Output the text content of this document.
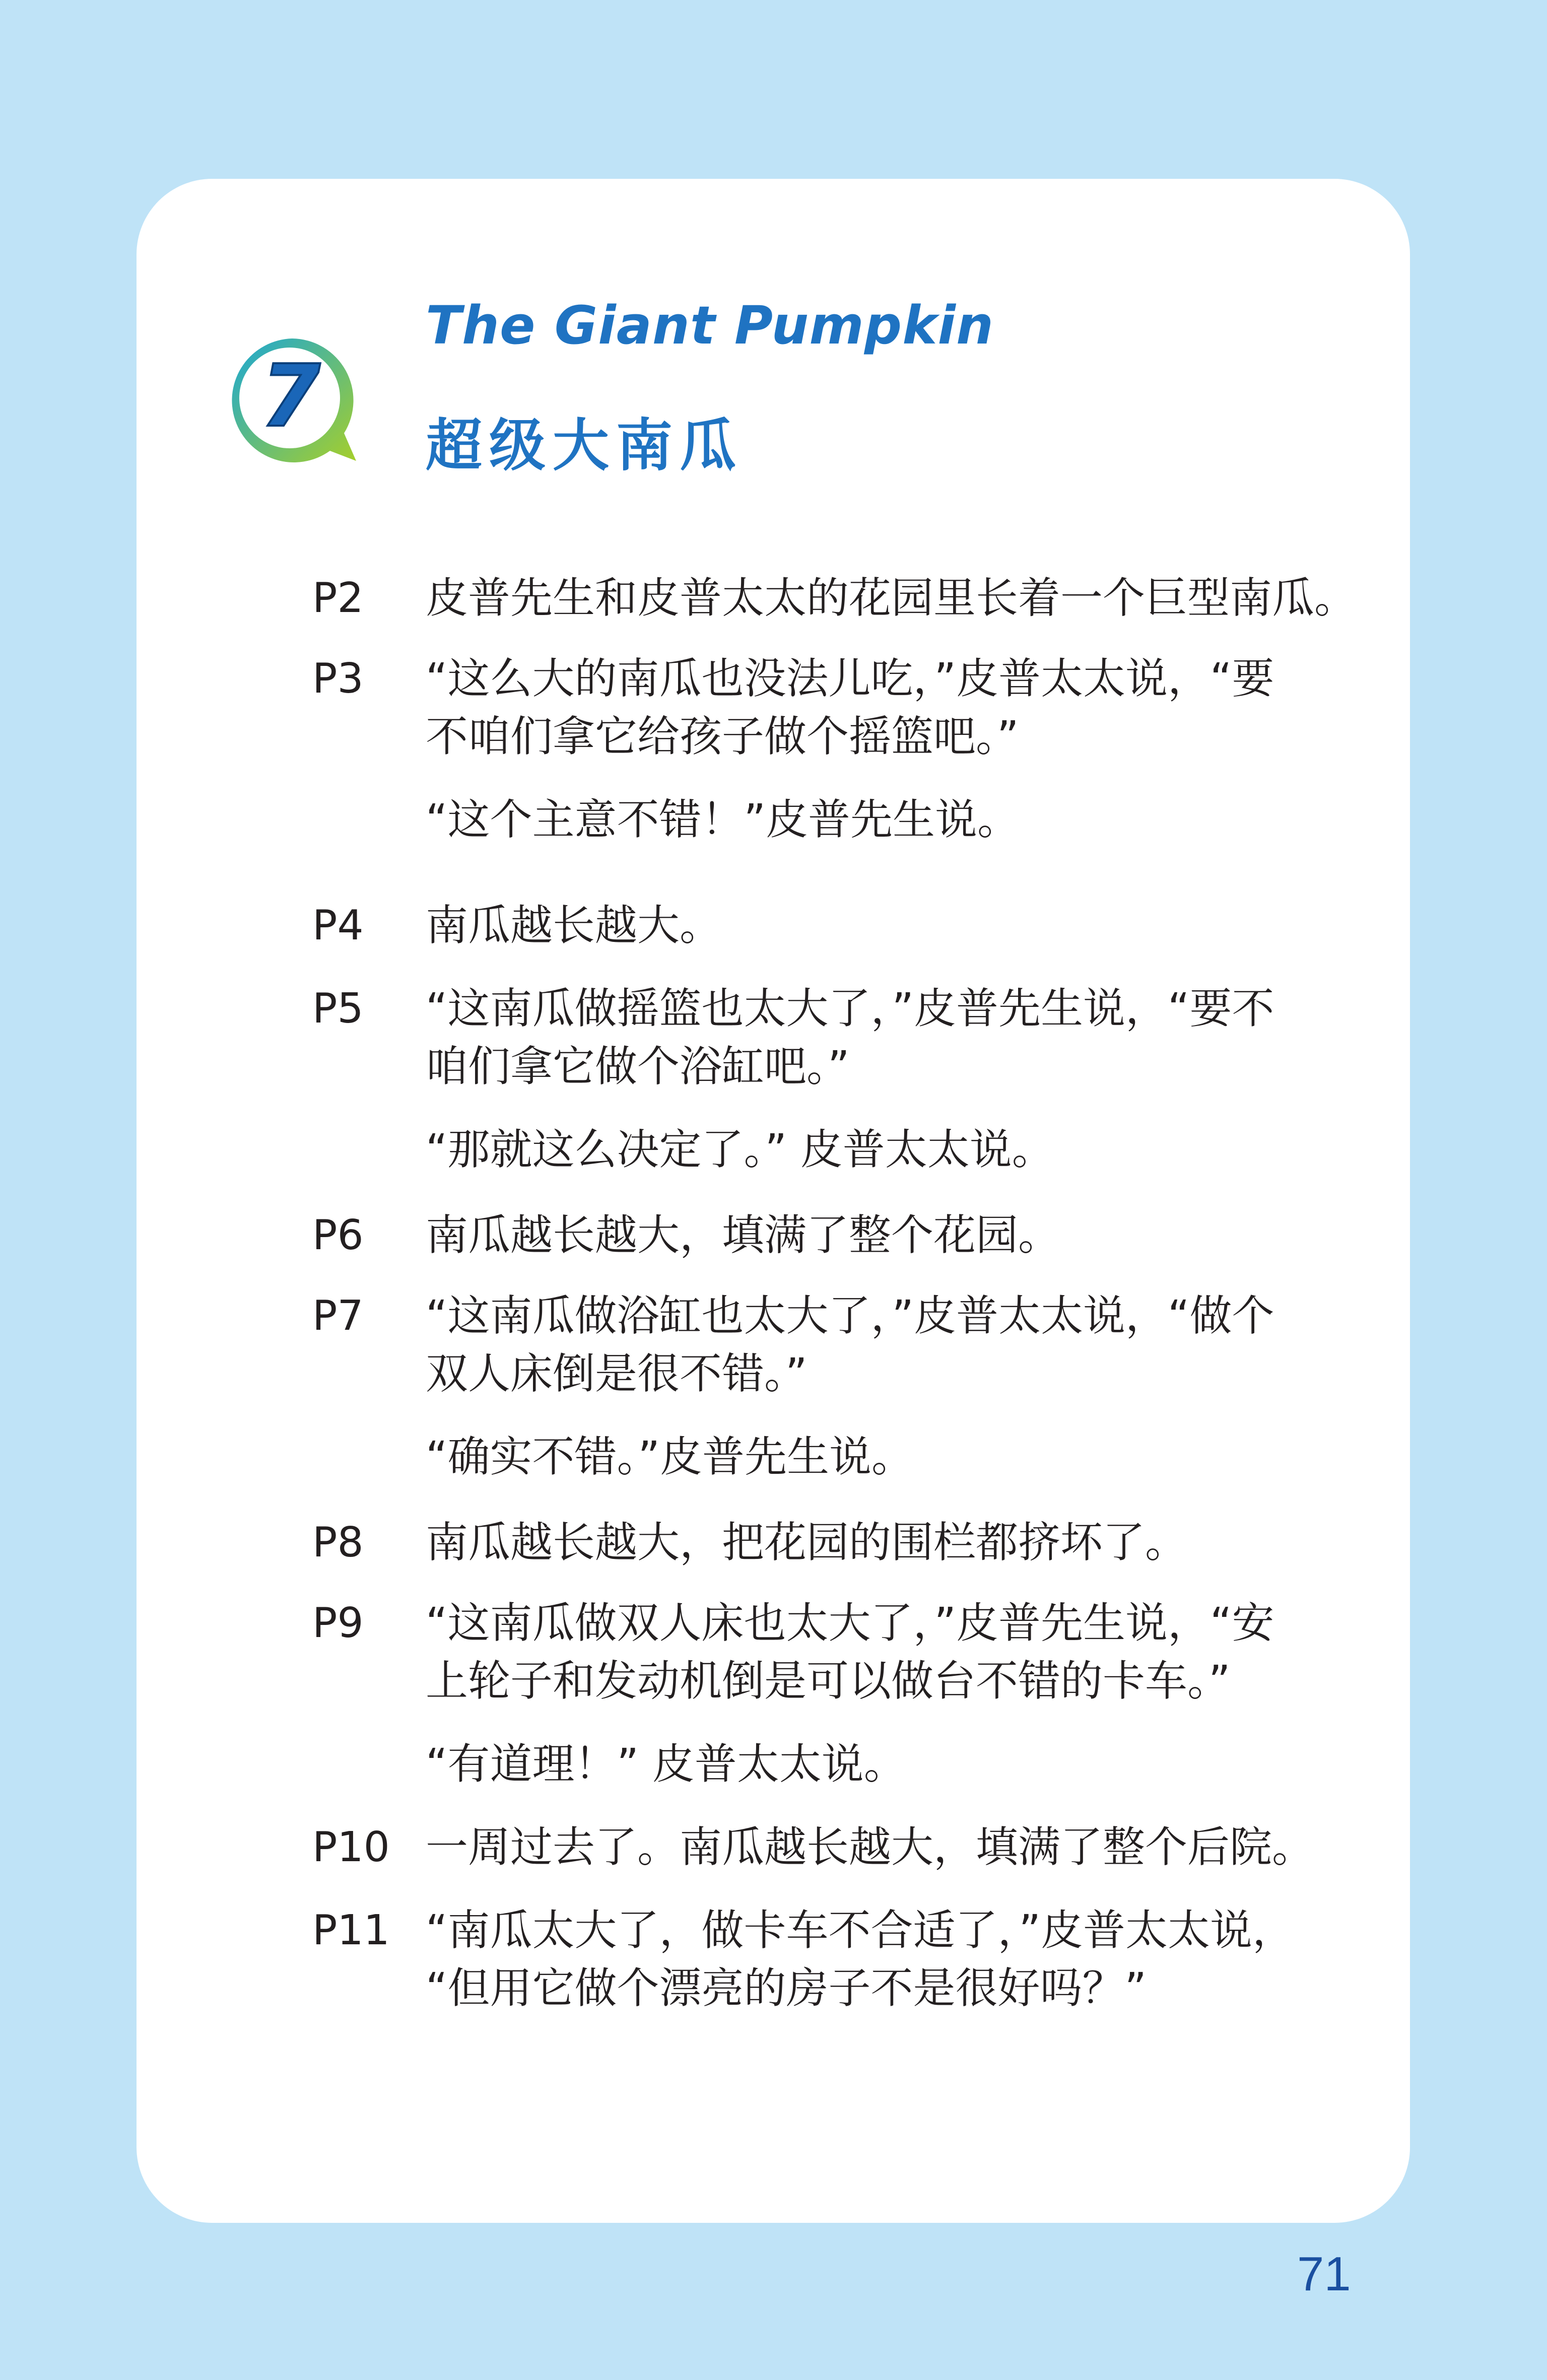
7
The Giant Pumpkin
超级大南瓜
P2 皮普先生和皮普太太的花园里长着一个巨型南瓜。
P3 “这么大的南瓜也没法儿吃，”皮普太太说，“要
不咱们拿它给孩子做个摇篮吧。”
“这个主意不错！”皮普先生说。
P4 南瓜越长越大。
P5 “这南瓜做摇篮也太大了，”皮普先生说，“要不
咱们拿它做个浴缸吧。”
“那就这么决定了。” 皮普太太说。
P6 南瓜越长越大，填满了整个花园。
P7 “这南瓜做浴缸也太大了，”皮普太太说，“做个
双人床倒是很不错。”
“确实不错。”皮普先生说。
P8 南瓜越长越大，把花园的围栏都挤坏了。
P9 “这南瓜做双人床也太大了，”皮普先生说，“安
上轮子和发动机倒是可以做台不错的卡车。”
“有道理！” 皮普太太说。
P10 一周过去了。南瓜越长越大，填满了整个后院。
P11 “南瓜太大了，做卡车不合适了，”皮普太太说，
“但用它做个漂亮的房子不是很好吗？”
71
